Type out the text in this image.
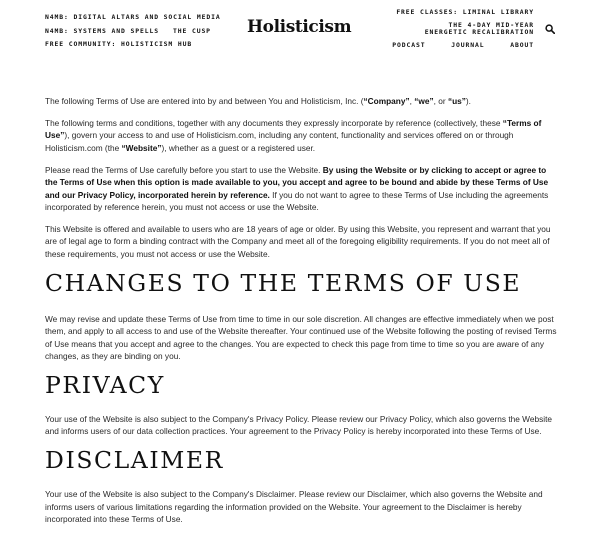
N4MB: DIGITAL ALTARS AND SOCIAL MEDIA
N4MB: SYSTEMS AND SPELLS THE CUSP
FREE COMMUNITY: HOLISTICISM HUB
Holisticism
FREE CLASSES: LIMINAL LIBRARY
THE 4-DAY MID-YEAR ENERGETIC RECALIBRATION
PODCAST	JOURNAL	ABOUT

The following Terms of Use are entered into by and between You and Holisticism, Inc. (“Company”, “we”, or “us”).

The following terms and conditions, together with any documents they expressly incorporate by reference (collectively, these “Terms of Use”), govern your access to and use of Holisticism.com, including any content, functionality and services offered on or through Holisticism.com (the “Website”), whether as a guest or a registered user.

Please read the Terms of Use carefully before you start to use the Website. By using the Website or by clicking to accept or agree to the Terms of Use when this option is made available to you, you accept and agree to be bound and abide by these Terms of Use and our Privacy Policy, incorporated herein by reference. If you do not want to agree to these Terms of Use including the agreements incorporated by reference herein, you must not access or use the Website.

This Website is offered and available to users who are 18 years of age or older. By using this Website, you represent and warrant that you are of legal age to form a binding contract with the Company and meet all of the foregoing eligibility requirements. If you do not meet all of these requirements, you must not access or use the Website.

CHANGES TO THE TERMS OF USE

We may revise and update these Terms of Use from time to time in our sole discretion. All changes are effective immediately when we post them, and apply to all access to and use of the Website thereafter. Your continued use of the Website following the posting of revised Terms of Use means that you accept and agree to the changes. You are expected to check this page from time to time so you are aware of any changes, as they are binding on you.

PRIVACY

Your use of the Website is also subject to the Company's Privacy Policy. Please review our Privacy Policy, which also governs the Website and informs users of our data collection practices. Your agreement to the Privacy Policy is hereby incorporated into these Terms of Use.

DISCLAIMER

Your use of the Website is also subject to the Company's Disclaimer. Please review our Disclaimer, which also governs the Website and informs users of various limitations regarding the information provided on the Website. Your agreement to the Disclaimer is hereby incorporated into these Terms of Use.
